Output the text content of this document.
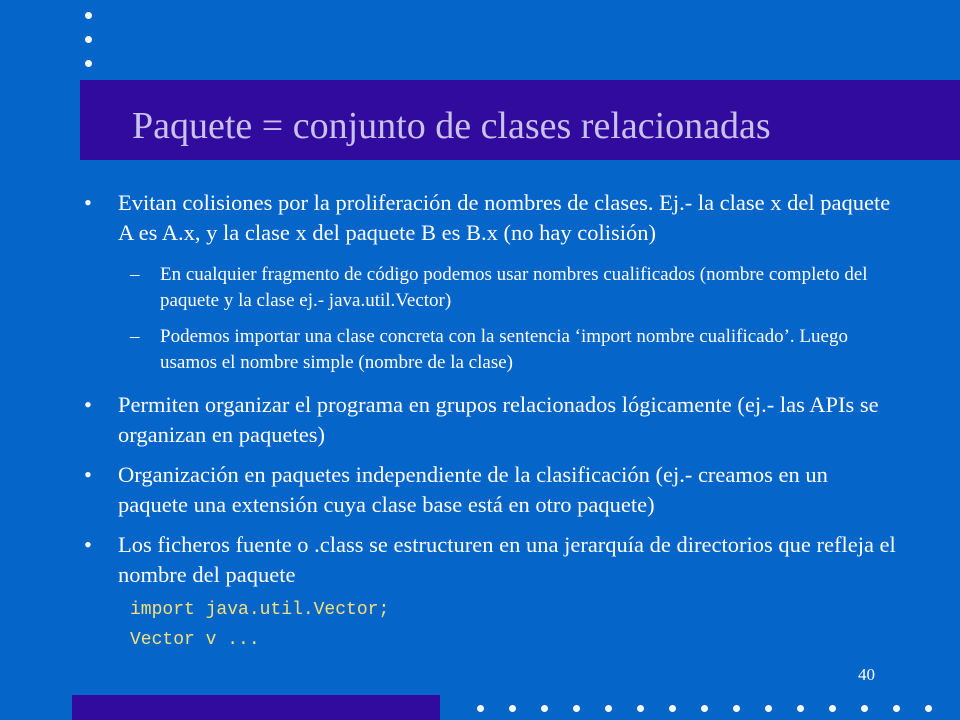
Paquete = conjunto de clases relacionadas
• Evitan colisiones por la proliferación de nombres de clases. Ej.- la clase x del paquete A es A.x, y la clase x del paquete B es B.x (no hay colisión)
– En cualquier fragmento de código podemos usar nombres cualificados (nombre completo del paquete y la clase ej.- java.util.Vector)
– Podemos importar una clase concreta con la sentencia ‘import nombre cualificado’. Luego usamos el nombre simple (nombre de la clase)
• Permiten organizar el programa en grupos relacionados lógicamente (ej.- las APIs se organizan en paquetes)
• Organización en paquetes independiente de la clasificación (ej.- creamos en un paquete una extensión cuya clase base está en otro paquete)
• Los ficheros fuente o .class se estructuren en una jerarquía de directorios que refleja el nombre del paquete
import java.util.Vector;
Vector v ...
40
